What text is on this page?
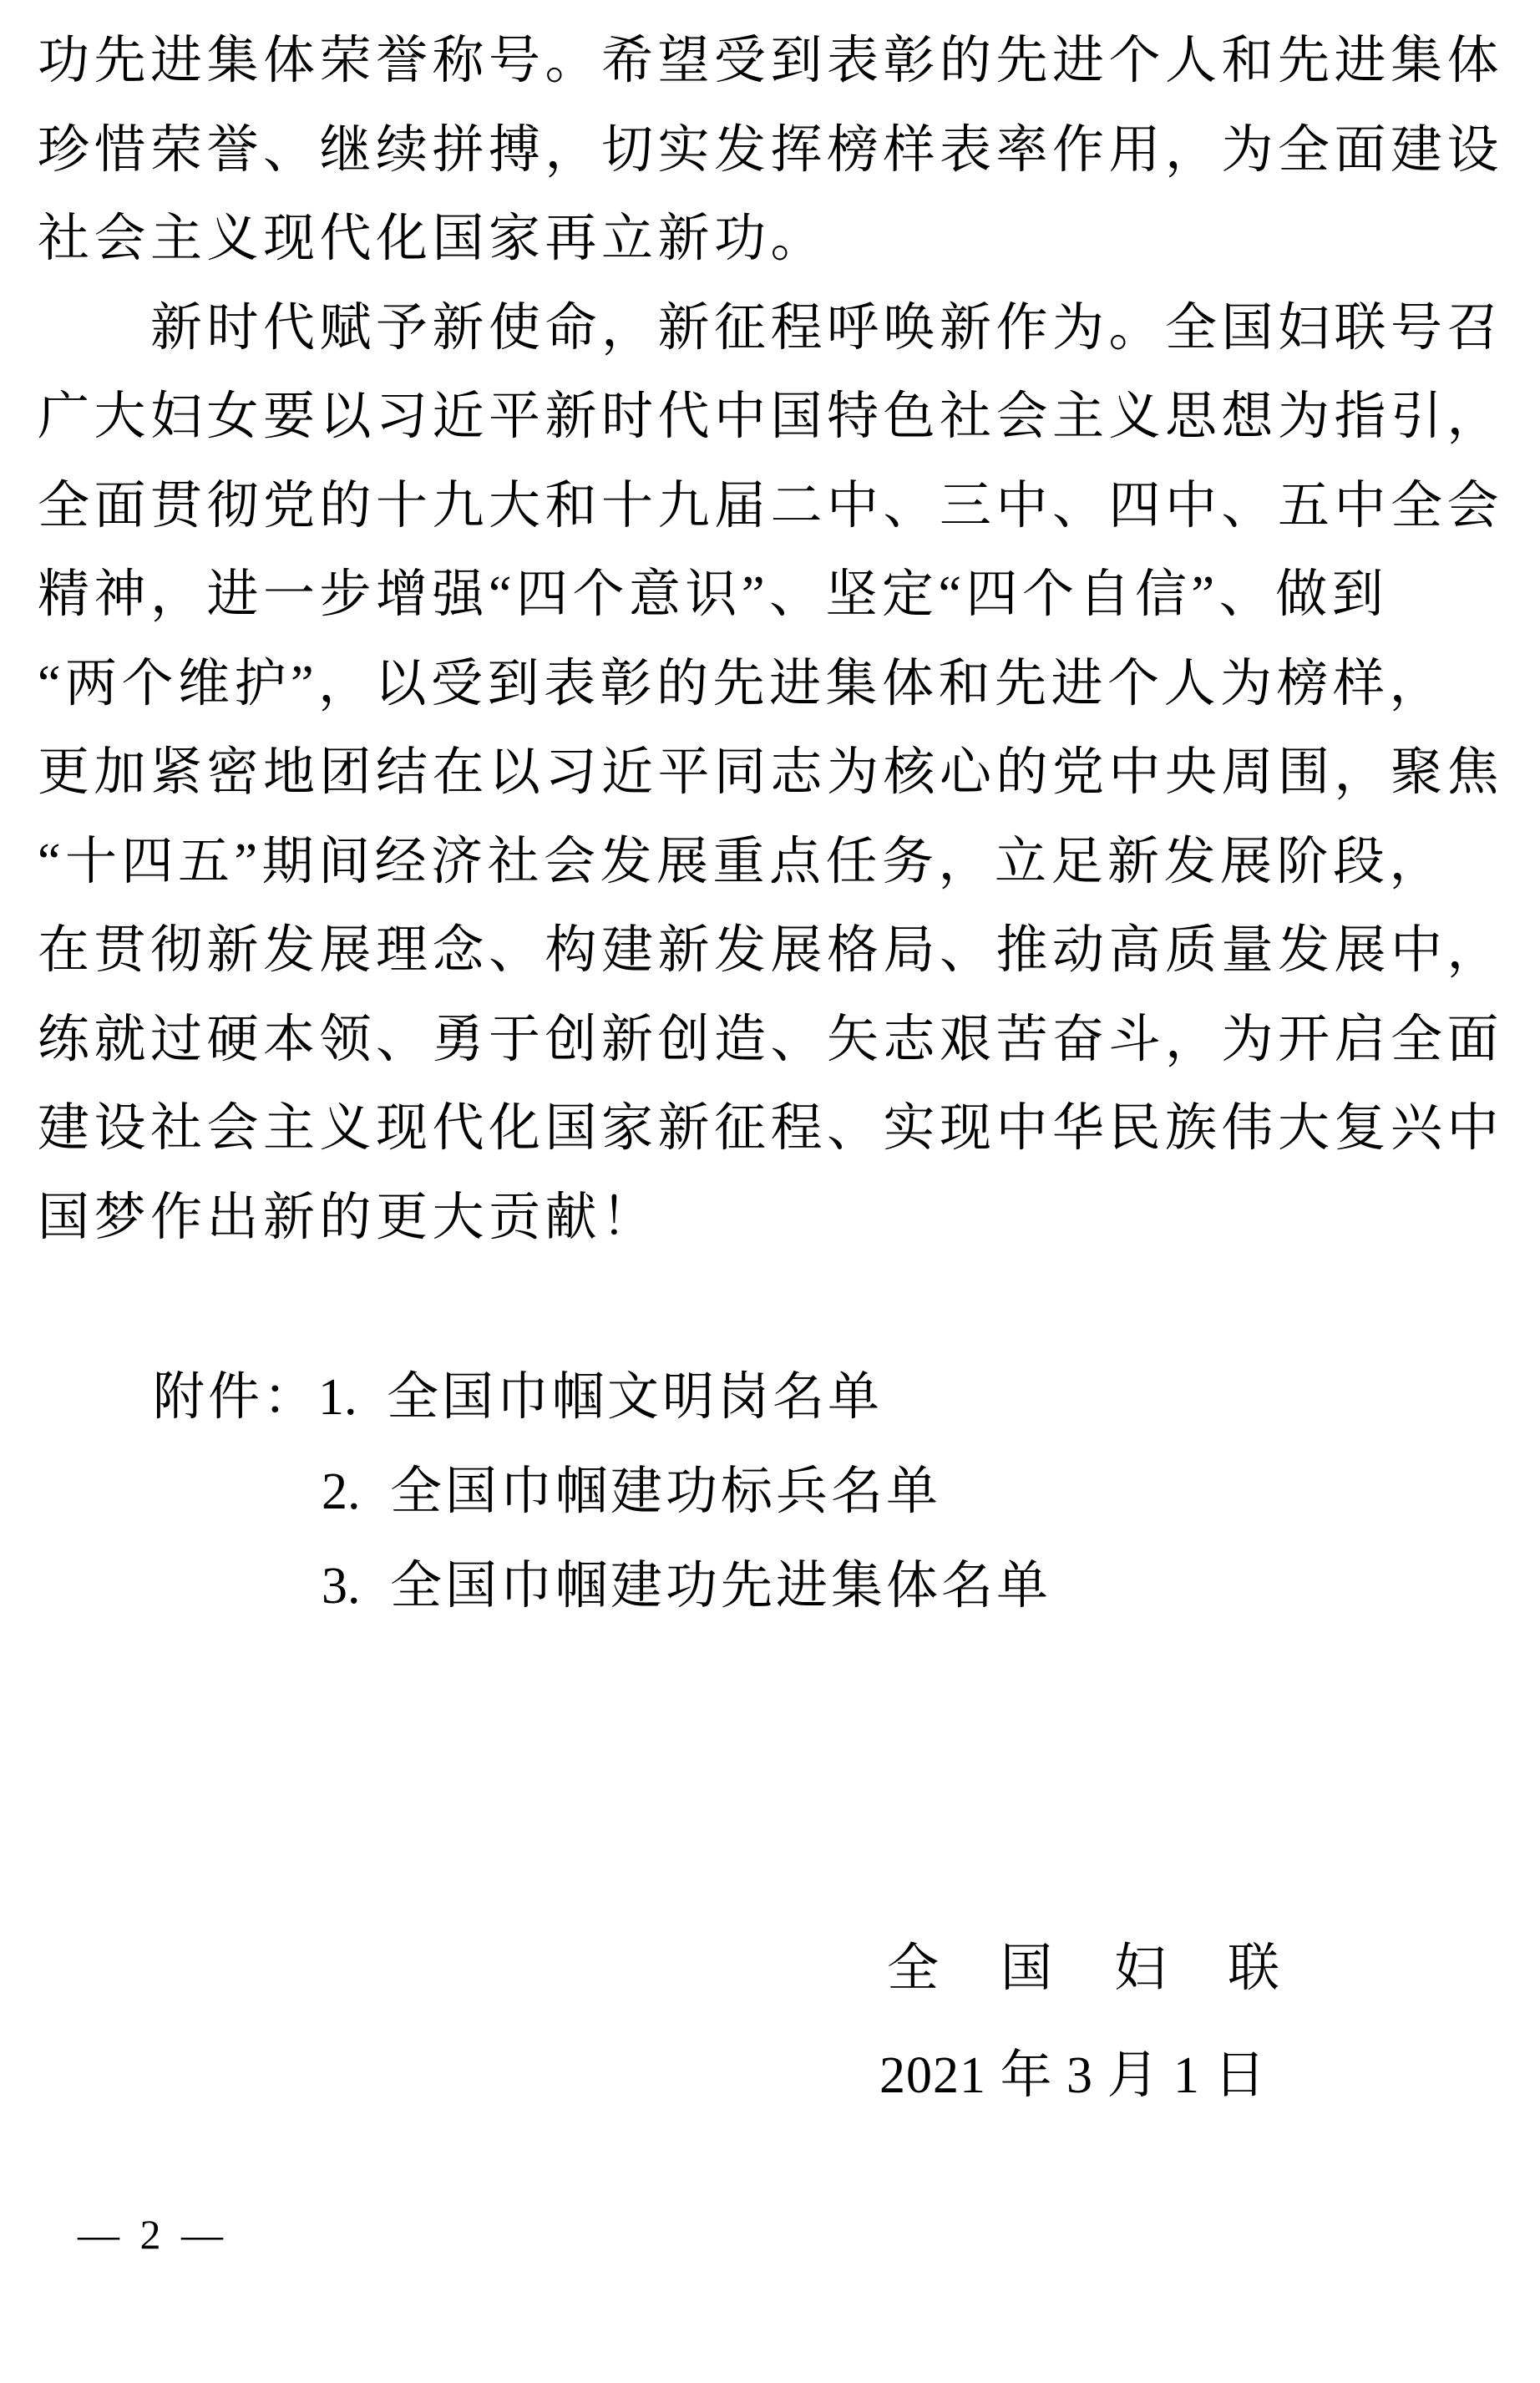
功先进集体荣誉称号。希望受到表彰的先进个人和先进集体
珍惜荣誉、继续拼搏，切实发挥榜样表率作用，为全面建设
社会主义现代化国家再立新功。
　　新时代赋予新使命，新征程呼唤新作为。全国妇联号召
广大妇女要以习近平新时代中国特色社会主义思想为指引，
全面贯彻党的十九大和十九届二中、三中、四中、五中全会
精神，进一步增强“四个意识”、坚定“四个自信”、做到
“两个维护”，以受到表彰的先进集体和先进个人为榜样，
更加紧密地团结在以习近平同志为核心的党中央周围，聚焦
“十四五”期间经济社会发展重点任务，立足新发展阶段，
在贯彻新发展理念、构建新发展格局、推动高质量发展中，
练就过硬本领、勇于创新创造、矢志艰苦奋斗，为开启全面
建设社会主义现代化国家新征程、实现中华民族伟大复兴中
国梦作出新的更大贡献！
附件：1. 全国巾帼文明岗名单
2. 全国巾帼建功标兵名单
3. 全国巾帼建功先进集体名单
全国妇联
2021 年 3 月 1 日
— 2 —
